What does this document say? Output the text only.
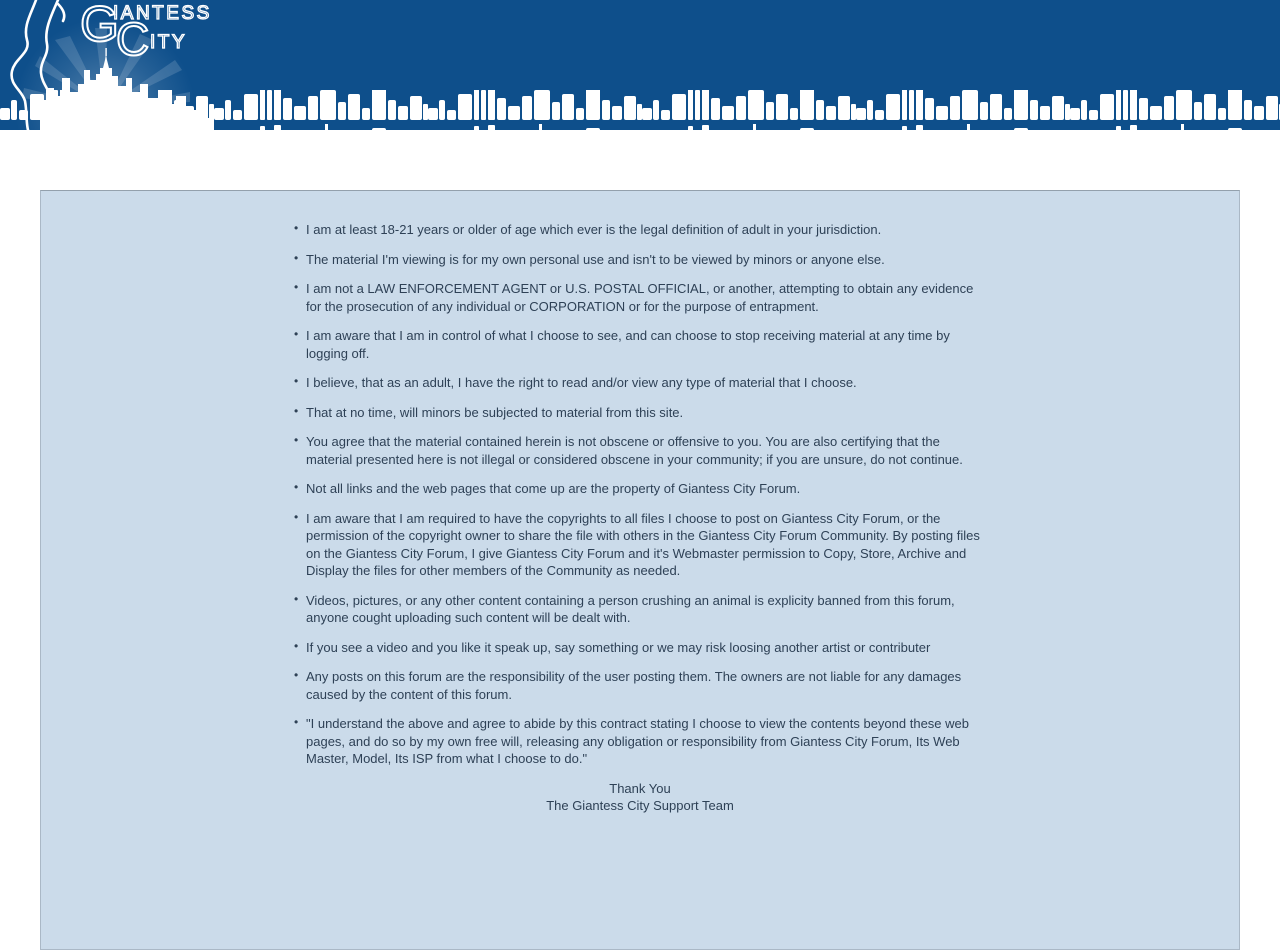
G
IANTESS
C ITY
• I am at least 18-21 years or older of age which ever is the legal definition of adult in your jurisdiction.
• The material I'm viewing is for my own personal use and isn't to be viewed by minors or anyone else.
• I am not a LAW ENFORCEMENT AGENT or U.S. POSTAL OFFICIAL, or another, attempting to obtain any evidence for the prosecution of any individual or CORPORATION or for the purpose of entrapment.
• I am aware that I am in control of what I choose to see, and can choose to stop receiving material at any time by logging off.
• I believe, that as an adult, I have the right to read and/or view any type of material that I choose.
• That at no time, will minors be subjected to material from this site.
• You agree that the material contained herein is not obscene or offensive to you. You are also certifying that the material presented here is not illegal or considered obscene in your community; if you are unsure, do not continue.
• Not all links and the web pages that come up are the property of Giantess City Forum.
• I am aware that I am required to have the copyrights to all files I choose to post on Giantess City Forum, or the permission of the copyright owner to share the file with others in the Giantess City Forum Community. By posting files on the Giantess City Forum, I give Giantess City Forum and it's Webmaster permission to Copy, Store, Archive and Display the files for other members of the Community as needed.
• Videos, pictures, or any other content containing a person crushing an animal is explicity banned from this forum, anyone cought uploading such content will be dealt with.
• If you see a video and you like it speak up, say something or we may risk loosing another artist or contributer
• Any posts on this forum are the responsibility of the user posting them. The owners are not liable for any damages caused by the content of this forum.
• "I understand the above and agree to abide by this contract stating I choose to view the contents beyond these web pages, and do so by my own free will, releasing any obligation or responsibility from Giantess City Forum, Its Web Master, Model, Its ISP from what I choose to do."
Thank You
The Giantess City Support Team
